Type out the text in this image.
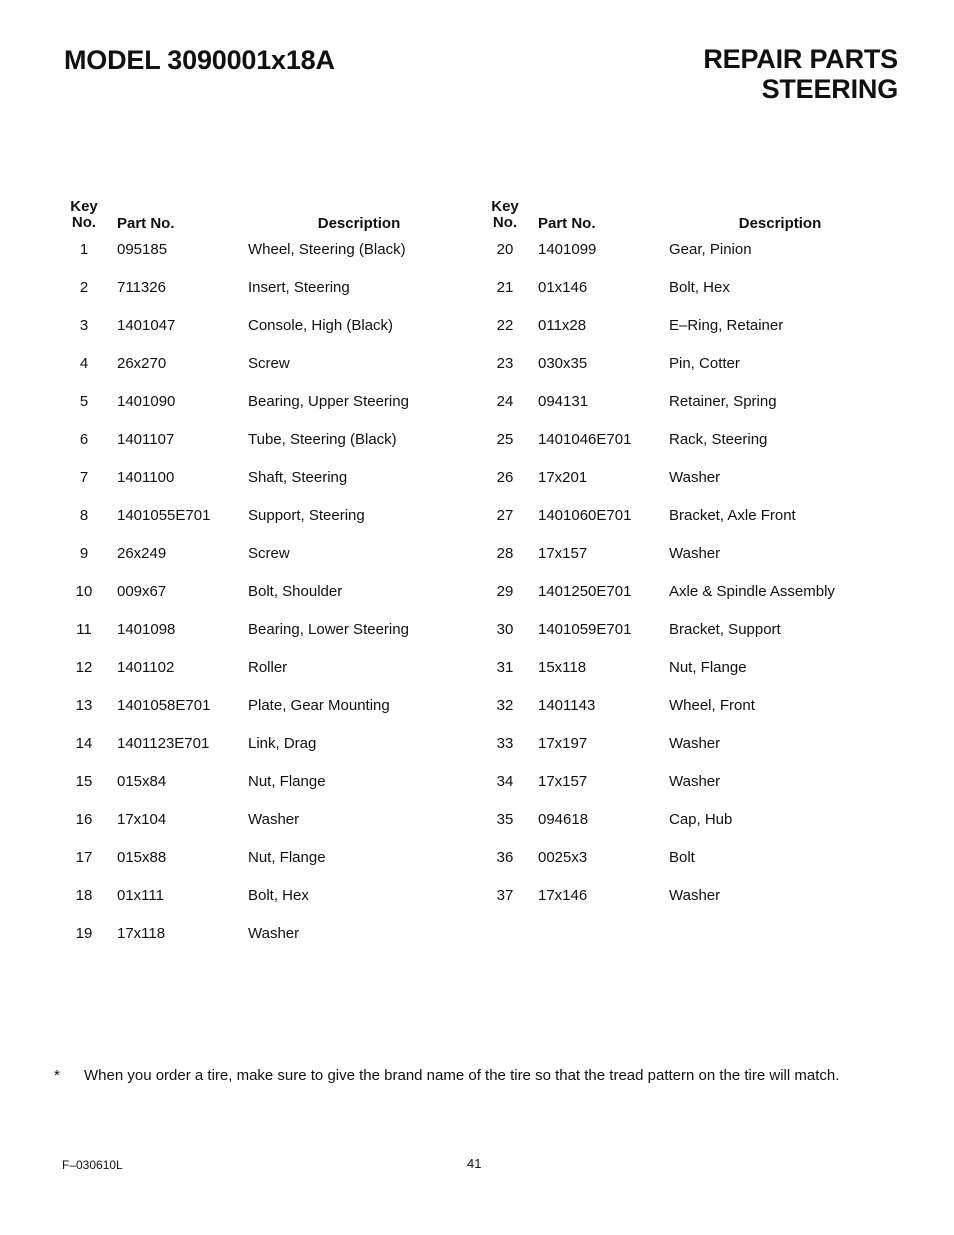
MODEL 3090001x18A	REPAIR PARTS
STEERING
Key
No.	Part No.	Description
1	095185	Wheel, Steering (Black)
2	711326	Insert, Steering
3	1401047	Console, High (Black)
4	26x270	Screw
5	1401090	Bearing, Upper Steering
6	1401107	Tube, Steering (Black)
7	1401100	Shaft, Steering
8	1401055E701	Support, Steering
9	26x249	Screw
10	009x67	Bolt, Shoulder
11	1401098	Bearing, Lower Steering
12	1401102	Roller
13	1401058E701	Plate, Gear Mounting
14	1401123E701	Link, Drag
15	015x84	Nut, Flange
16	17x104	Washer
17	015x88	Nut, Flange
18	01x111	Bolt, Hex
19	17x118	Washer
Key
No.	Part No.	Description
20	1401099	Gear, Pinion
21	01x146	Bolt, Hex
22	011x28	E–Ring, Retainer
23	030x35	Pin, Cotter
24	094131	Retainer, Spring
25	1401046E701	Rack, Steering
26	17x201	Washer
27	1401060E701	Bracket, Axle Front
28	17x157	Washer
29	1401250E701	Axle & Spindle Assembly
30	1401059E701	Bracket, Support
31	15x118	Nut, Flange
32	1401143	Wheel, Front
33	17x197	Washer
34	17x157	Washer
35	094618	Cap, Hub
36	0025x3	Bolt
37	17x146	Washer
* When you order a tire, make sure to give the brand name of the tire so that the tread pattern on the tire will match.
F–030610L	41
